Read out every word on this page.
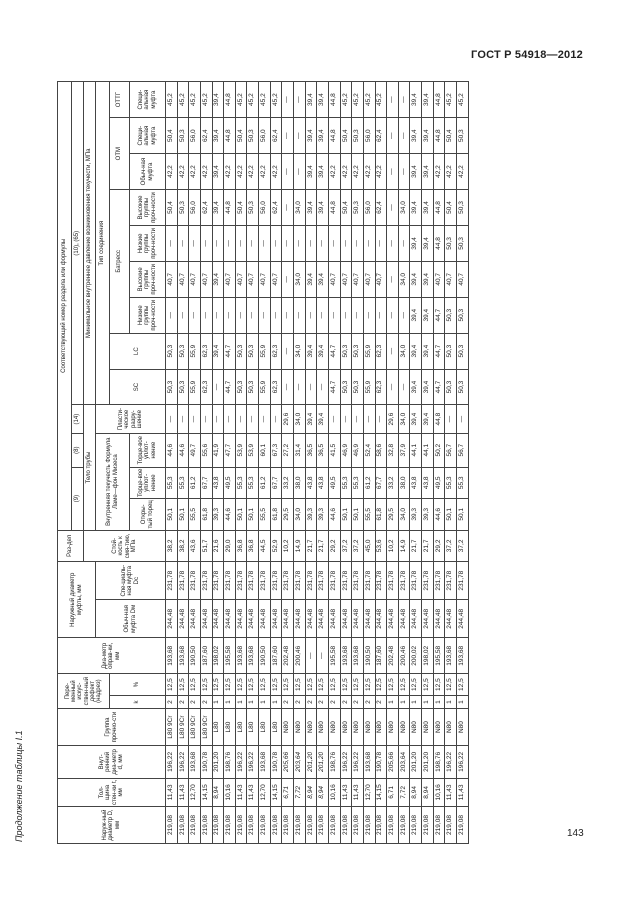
ГОСТ Р 54918—2012
Продолжение таблицы I.1	143
Наруж-ный диаметр D, мм	Тол-щина стен-ки t, мм	Внут-ренний диа-метр d, мм	Группа прочно-сти	Пере-менный искус-ствен-ный дефект (надрез)		Диа-метр оправ-ки, мм	Наружный диаметр муфты, мм		Раз-дел	Соответствующий номер раздела или формулы												
										(9)		(8)	(14)	(10), (65)								
									Стой-кость к смя-тию, МПа	Тело трубы				Минимальное внутреннее давление возникновения текучести, МПа								
							Обыч-ная муфта Dм	Спе-циаль-ная муфта Dс		Внутренняя текучесть Формула Ламе—фон Мизеса			Пласти-ческое разру-шение	Тип соединения								
				k	%									SC	LC	Батресс				ОТМ		ОТТГ
										Откры-тый торец	Торце-вое уплот-нение	Торце-вое уплот-нение				Низкие группы проч-ности	Высокие группы проч-ности	Низкие группы проч-ности	Высокие группы проч-ности	Обыч-ная муфта	Специ-альная муфта	Специ-альная муфта
219,08	11,43	196,22	L80 9Cr	2	12,5	193,68	244,48	231,78	38,2	50,1	55,3	44,6	—	50,3	50,3	—	40,7	—	50,4	42,2	50,4	45,2
219,08	11,43	196,22	L80 9Cr	2	12,5	193,68	244,48	231,78	38,2	50,1	55,3	44,6	—	50,3	50,3	—	40,7	—	50,3	42,2	50,3	45,2
219,08	12,70	193,68	L80 9Cr	2	12,5	190,50	244,48	231,78	43,6	55,5	61,2	49,7	—	55,9	55,9	—	40,7	—	56,0	42,2	56,0	45,2
219,08	14,15	190,78	L80 9Cr	2	12,5	187,60	244,48	231,78	51,7	61,8	67,7	55,6	—	62,3	62,3	—	40,7	—	62,4	42,2	62,4	45,2
219,08	8,94	201,20	L80	1	12,5	198,02	244,48	231,78	21,6	39,3	43,8	41,9	—	—	39,4	—	39,4	—	39,4	39,4	39,4	39,4
219,08	10,16	198,76	L80	1	12,5	195,58	244,48	231,78	29,0	44,6	49,5	47,7	—	44,7	44,7	—	40,7	—	44,8	42,2	44,8	44,8
219,08	11,43	196,22	L80	1	12,5	193,68	244,48	231,78	36,8	50,1	55,3	53,9	—	50,3	50,3	—	40,7	—	50,4	42,2	50,4	45,2
219,08	11,43	196,22	L80	1	12,5	193,68	244,48	231,78	36,8	50,1	55,3	53,9	—	50,3	50,3	—	40,7	—	50,3	42,2	50,3	45,2
219,08	12,70	193,68	L80	1	12,5	190,50	244,48	231,78	44,5	55,5	61,2	60,1	—	55,9	55,9	—	40,7	—	56,0	42,2	56,0	45,2
219,08	14,15	190,78	L80	1	12,5	187,60	244,48	231,78	52,9	61,8	67,7	67,3	—	62,3	62,3	—	40,7	—	62,4	42,2	62,4	45,2
219,08	6,71	205,66	N80	2	12,5	202,48	244,48	231,78	10,2	29,5	33,2	27,2	29,6	—	—	—	—	—	—	—	—	—
219,08	7,72	203,64	N80	2	12,5	200,46	244,48	231,78	14,9	34,0	38,0	31,4	34,0	—	34,0	—	34,0	—	34,0	—	—	—
219,08	8,94	201,20	N80	2	12,5	—	244,48	231,78	21,7	39,3	43,8	36,5	39,4	—	39,4	—	39,4	—	39,4	39,4	39,4	39,4
219,08	8,94	201,20	N80	2	12,5	—	244,48	231,78	21,7	39,3	43,8	36,5	39,4	—	39,4	—	39,4	—	39,4	39,4	39,4	39,4
219,08	10,16	198,76	N80	2	12,5	195,58	244,48	231,78	29,2	44,6	49,5	41,5	—	44,7	44,7	—	40,7	—	44,8	42,2	44,8	44,8
219,08	11,43	196,22	N80	2	12,5	193,68	244,48	231,78	37,2	50,1	55,3	46,9	—	50,3	50,3	—	40,7	—	50,4	42,2	50,4	45,2
219,08	11,43	196,22	N80	2	12,5	193,68	244,48	231,78	37,2	50,1	55,3	46,9	—	50,3	50,3	—	40,7	—	50,3	42,2	50,3	45,2
219,08	12,70	193,68	N80	2	12,5	190,50	244,48	231,78	45,0	55,5	61,2	52,4	—	55,9	55,9	—	40,7	—	56,0	42,2	56,0	45,2
219,08	14,15	190,78	N80	2	12,5	187,60	244,48	231,78	53,6	61,8	67,7	58,6	—	62,3	62,3	—	40,7	—	62,4	42,2	62,4	45,2
219,08	6,71	205,66	N80	1	12,5	202,48	244,48	231,78	10,2	29,5	33,2	32,8	29,6	—	—	—	—	—	—	—	—	—
219,08	7,72	203,64	N80	1	12,5	200,46	244,48	231,78	14,9	34,0	38,0	37,9	34,0	—	34,0	—	34,0	—	34,0	—	—	—
219,08	8,94	201,20	N80	1	12,5	200,02	244,48	231,78	21,7	39,3	43,8	44,1	39,4	39,4	39,4	39,4	39,4	39,4	39,4	39,4	39,4	39,4
219,08	8,94	201,20	N80	1	12,5	198,02	244,48	231,78	21,7	39,3	43,8	44,1	39,4	39,4	39,4	39,4	39,4	39,4	39,4	39,4	39,4	39,4
219,08	10,16	198,76	N80	1	12,5	195,58	244,48	231,78	29,2	44,6	49,5	50,2	44,8	44,7	44,7	44,7	40,7	44,8	44,8	42,2	44,8	44,8
219,08	11,43	196,22	N80	1	12,5	193,68	244,48	231,78	37,2	50,1	55,3	56,7	—	50,3	50,3	50,3	40,7	50,3	50,4	42,2	50,4	45,2
219,08	11,43	196,22	N80	1	12,5	193,68	244,48	231,78	37,2	50,1	55,3	56,7	—	50,3	50,3	50,3	40,7	50,3	50,3	42,2	50,3	45,2
